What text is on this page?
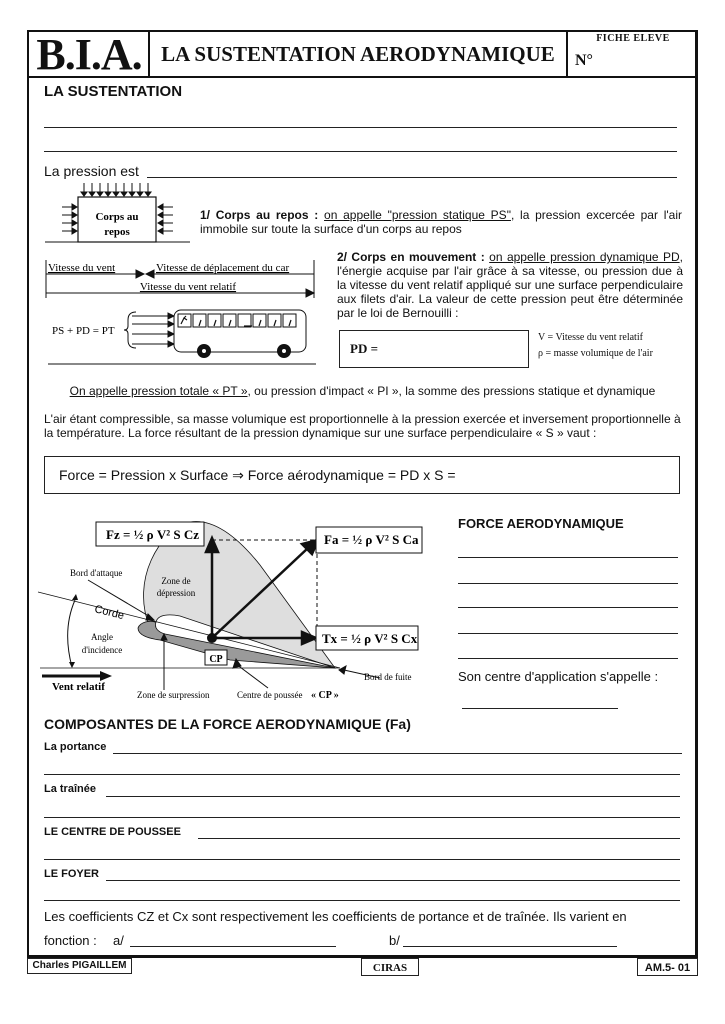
B.I.A. LA SUSTENTATION AERODYNAMIQUE
FICHE ELEVE
N°
LA SUSTENTATION
La pression est
Corps au
repos
1/ Corps au repos : on appelle "pression statique PS", la pression excercée par l'air immobile sur toute la surface d'un corps au repos
Vitesse du vent	Vitesse de déplacement du car
Vitesse du vent relatif
PS + PD = PT
2/ Corps en mouvement : on appelle pression dynamique PD, l'énergie acquise par l'air grâce à sa vitesse, ou pression due à la vitesse du vent relatif appliqué sur une surface perpendiculaire aux filets d'air. La valeur de cette pression peut être déterminée par le loi de Bernouilli :
PD =
V = Vitesse du vent relatif
ρ = masse volumique de l'air
On appelle pression totale « PT », ou pression d'impact « PI », la somme des pressions statique et dynamique
L'air étant compressible, sa masse volumique est proportionnelle à la pression exercée et inversement proportionnelle à la température. La force résultant de la pression dynamique sur une surface perpendiculaire « S » vaut :
Force = Pression x Surface ⇒ Force aérodynamique = PD x S =
Fz = ½ ρ V² S Cz	Fa = ½ ρ V² S Ca
Tx = ½ ρ V² S Cx
CP
Bord d'attaque
Zone de
dépression
Corde
Angle
d'incidence
Vent relatif
Zone de surpression	Centre de poussée « CP »
Bord de fuite
FORCE AERODYNAMIQUE
Son centre d'application s'appelle :
COMPOSANTES DE LA FORCE AERODYNAMIQUE (Fa)
La portance
La traînée
LE CENTRE DE POUSSEE
LE FOYER
Les coefficients CZ et Cx sont respectivement les coefficients de portance et de traînée. Ils varient en
fonction : a/	b/
Charles PIGAILLEM	CIRAS	AM.5- 01
